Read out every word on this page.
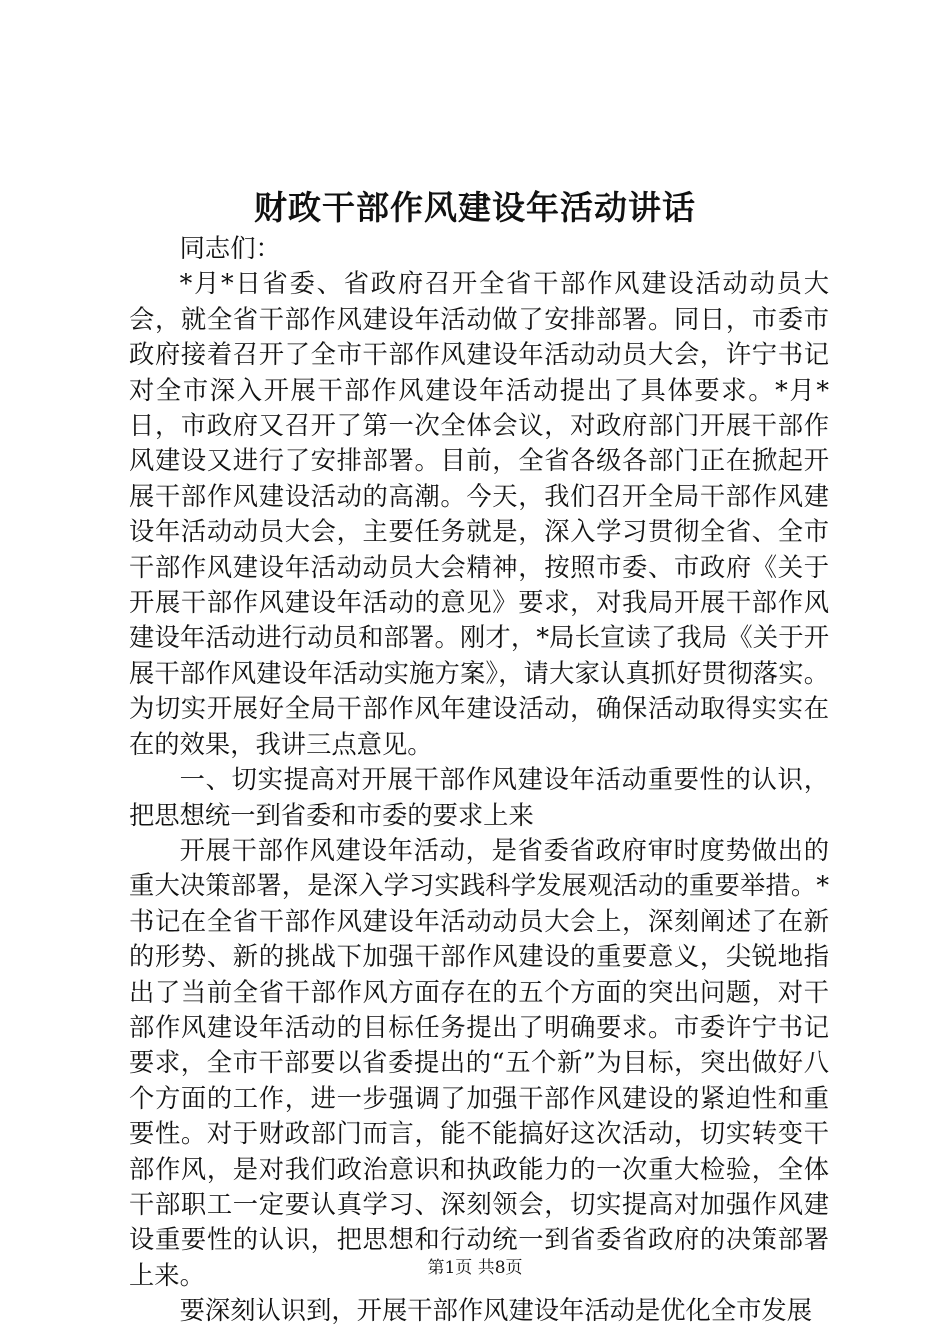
财政干部作风建设年活动讲话

同志们：

*月*日省委、省政府召开全省干部作风建设活动动员大会，就全省干部作风建设年活动做了安排部署。同日，市委市政府接着召开了全市干部作风建设年活动动员大会，许宁书记对全市深入开展干部作风建设年活动提出了具体要求。*月*日，市政府又召开了第一次全体会议，对政府部门开展干部作风建设又进行了安排部署。目前，全省各级各部门正在掀起开展干部作风建设活动的高潮。今天，我们召开全局干部作风建设年活动动员大会，主要任务就是，深入学习贯彻全省、全市干部作风建设年活动动员大会精神，按照市委、市政府《关于开展干部作风建设年活动的意见》要求，对我局开展干部作风建设年活动进行动员和部署。刚才，*局长宣读了我局《关于开展干部作风建设年活动实施方案》，请大家认真抓好贯彻落实。为切实开展好全局干部作风年建设活动，确保活动取得实实在在的效果，我讲三点意见。

一、切实提高对开展干部作风建设年活动重要性的认识，把思想统一到省委和市委的要求上来

开展干部作风建设年活动，是省委省政府审时度势做出的重大决策部署，是深入学习实践科学发展观活动的重要举措。*书记在全省干部作风建设年活动动员大会上，深刻阐述了在新的形势、新的挑战下加强干部作风建设的重要意义，尖锐地指出了当前全省干部作风方面存在的五个方面的突出问题，对干部作风建设年活动的目标任务提出了明确要求。市委许宁书记要求，全市干部要以省委提出的“五个新”为目标，突出做好八个方面的工作，进一步强调了加强干部作风建设的紧迫性和重要性。对于财政部门而言，能不能搞好这次活动，切实转变干部作风，是对我们政治意识和执政能力的一次重大检验，全体干部职工一定要认真学习、深刻领会，切实提高对加强作风建设重要性的认识，把思想和行动统一到省委省政府的决策部署上来。

要深刻认识到，开展干部作风建设年活动是优化全市发展

第1页 共8页
